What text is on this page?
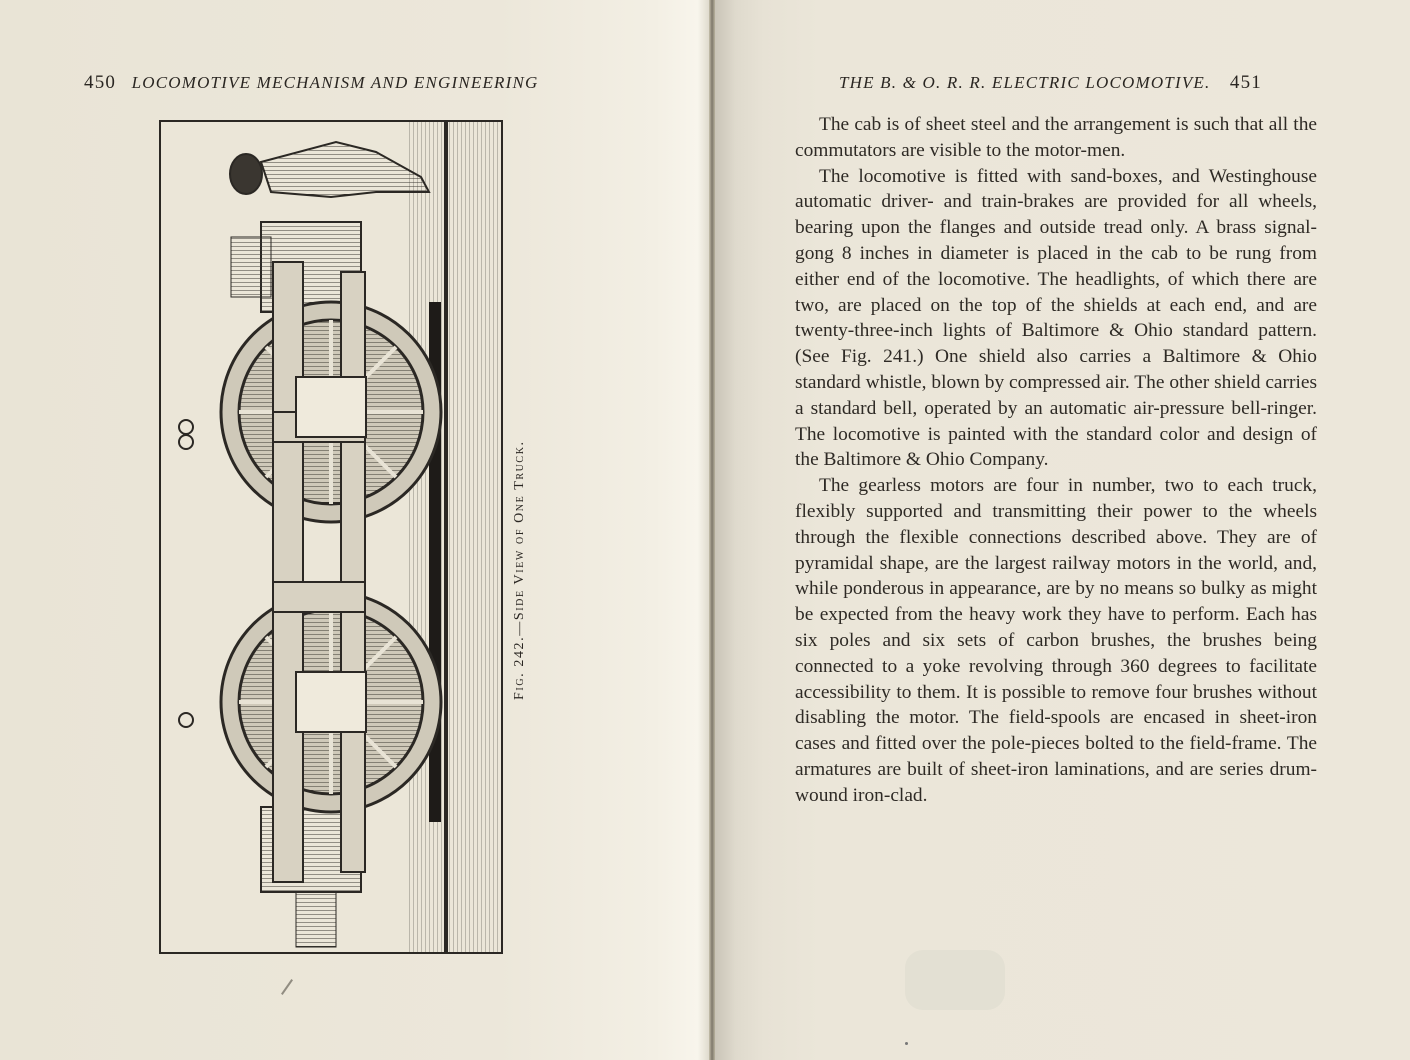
450 LOCOMOTIVE MECHANISM AND ENGINEERING
Fig. 242.—Side View of One Truck.
THE B. & O. R. R. ELECTRIC LOCOMOTIVE. 451

The cab is of sheet steel and the arrangement is such that all the commutators are visible to the motor-men.

The locomotive is fitted with sand-boxes, and Westinghouse automatic driver- and train-brakes are provided for all wheels, bearing upon the flanges and outside tread only. A brass signal-gong 8 inches in diameter is placed in the cab to be rung from either end of the locomotive. The headlights, of which there are two, are placed on the top of the shields at each end, and are twenty-three-inch lights of Baltimore & Ohio standard pattern. (See Fig. 241.) One shield also carries a Baltimore & Ohio standard whistle, blown by compressed air. The other shield carries a standard bell, operated by an automatic air-pressure bell-ringer. The locomotive is painted with the standard color and design of the Baltimore & Ohio Company.

The gearless motors are four in number, two to each truck, flexibly supported and transmitting their power to the wheels through the flexible connections described above. They are of pyramidal shape, are the largest railway motors in the world, and, while ponderous in appearance, are by no means so bulky as might be expected from the heavy work they have to perform. Each has six poles and six sets of carbon brushes, the brushes being connected to a yoke revolving through 360 degrees to facilitate accessibility to them. It is possible to remove four brushes without disabling the motor. The field-spools are encased in sheet-iron cases and fitted over the pole-pieces bolted to the field-frame. The armatures are built of sheet-iron laminations, and are series drum-wound iron-clad.
